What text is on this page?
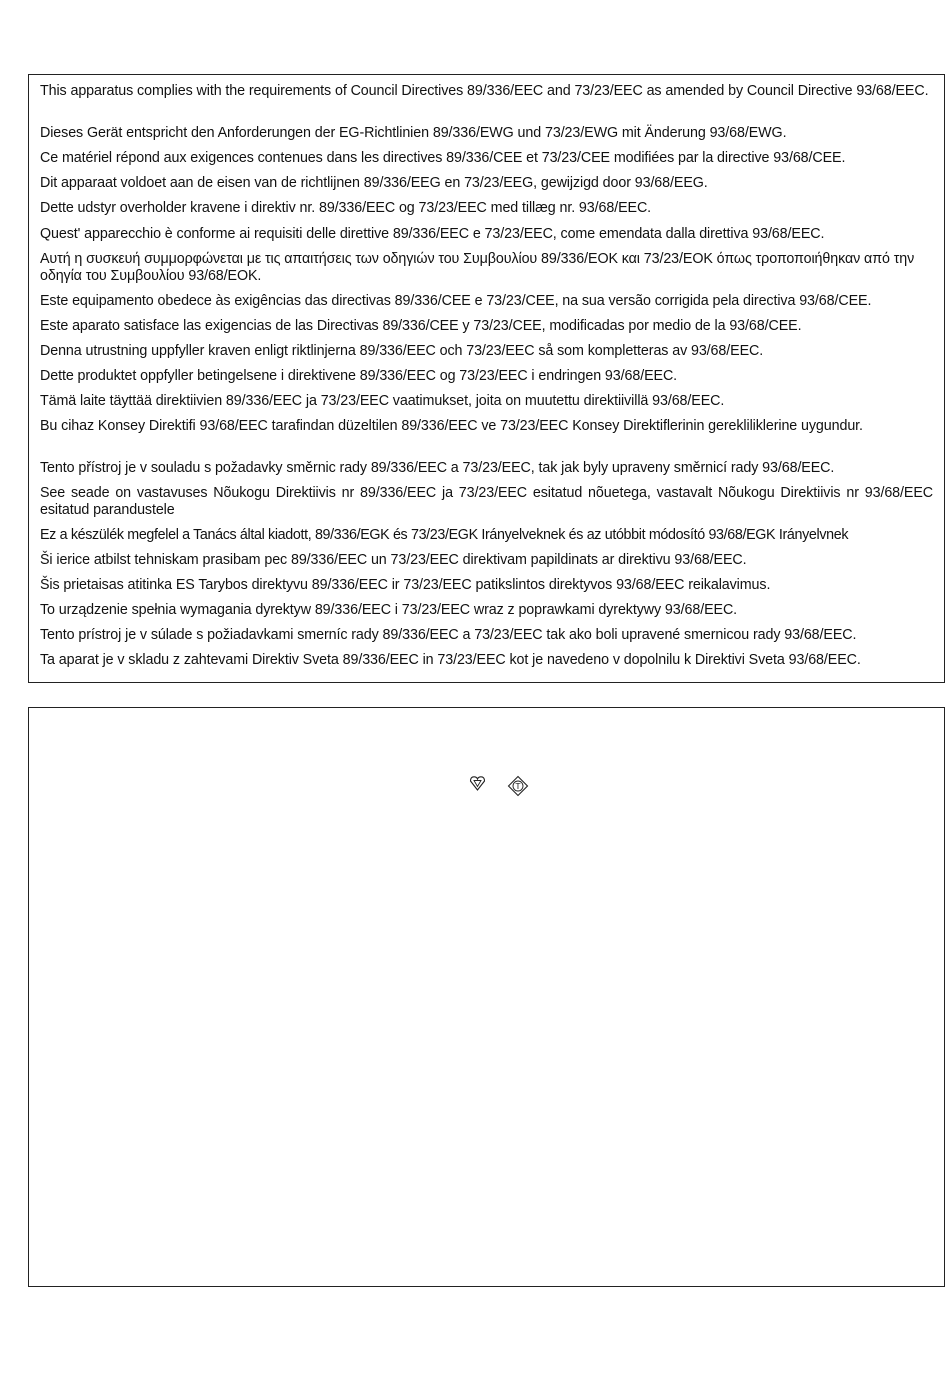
This apparatus complies with the requirements of Council Directives 89/336/EEC and 73/23/EEC as amended by Council Directive 93/68/EEC.

Dieses Gerät entspricht den Anforderungen der EG-Richtlinien 89/336/EWG und 73/23/EWG mit Änderung 93/68/EWG.

Ce matériel répond aux exigences contenues dans les directives 89/336/CEE et 73/23/CEE modifiées par la directive 93/68/CEE.

Dit apparaat voldoet aan de eisen van de richtlijnen 89/336/EEG en 73/23/EEG, gewijzigd door 93/68/EEG.

Dette udstyr overholder kravene i direktiv nr. 89/336/EEC og 73/23/EEC med tillæg nr. 93/68/EEC.

Quest' apparecchio è conforme ai requisiti delle direttive 89/336/EEC e 73/23/EEC, come emendata dalla direttiva 93/68/EEC.

Αυτή η συσκευή συμμορφώνεται με τις απαιτήσεις των οδηγιών του Συμβουλίου 89/336/ΕΟΚ και 73/23/ΕΟΚ όπως τροποποιήθηκαν από την οδηγία του Συμβουλίου 93/68/ΕΟΚ.

Este equipamento obedece às exigências das directivas 89/336/CEE e 73/23/CEE, na sua versão corrigida pela directiva 93/68/CEE.

Este aparato satisface las exigencias de las Directivas 89/336/CEE y 73/23/CEE, modificadas por medio de la 93/68/CEE.

Denna utrustning uppfyller kraven enligt riktlinjerna 89/336/EEC och 73/23/EEC så som kompletteras av 93/68/EEC.

Dette produktet oppfyller betingelsene i direktivene 89/336/EEC og 73/23/EEC i endringen 93/68/EEC.

Tämä laite täyttää direktiivien 89/336/EEC ja 73/23/EEC vaatimukset, joita on muutettu direktiivillä 93/68/EEC.

Bu cihaz Konsey Direktifi 93/68/EEC tarafindan düzeltilen 89/336/EEC ve 73/23/EEC Konsey Direktiflerinin gerekliliklerine uygundur.

Tento přístroj je v souladu s požadavky směrnic rady 89/336/EEC a 73/23/EEC, tak jak byly upraveny směrnicí rady 93/68/EEC.

See seade on vastavuses Nõukogu Direktiivis nr 89/336/EEC ja 73/23/EEC esitatud nõuetega, vastavalt Nõukogu Direktiivis nr 93/68/EEC esitatud parandustele

Ez a készülék megfelel a Tanács által kiadott, 89/336/EGK és 73/23/EGK Irányelveknek és az utóbbit módosító 93/68/EGK Irányelvnek

Ši ierice atbilst tehniskam prasibam pec 89/336/EEC un 73/23/EEC direktivam papildinats ar direktivu 93/68/EEC.

Šis prietaisas atitinka ES Tarybos direktyvu 89/336/EEC ir 73/23/EEC patikslintos direktyvos 93/68/EEC reikalavimus.

To urządzenie spełnia wymagania dyrektyw 89/336/EEC i 73/23/EEC wraz z poprawkami dyrektywy 93/68/EEC.

Tento prístroj je v súlade s požiadavkami smerníc rady 89/336/EEC a 73/23/EEC tak ako boli upravené smernicou rady 93/68/EEC.

Ta aparat je v skladu z zahtevami Direktiv Sveta 89/336/EEC in 73/23/EEC kot je navedeno v dopolnilu k Direktivi Sveta 93/68/EEC.

T
